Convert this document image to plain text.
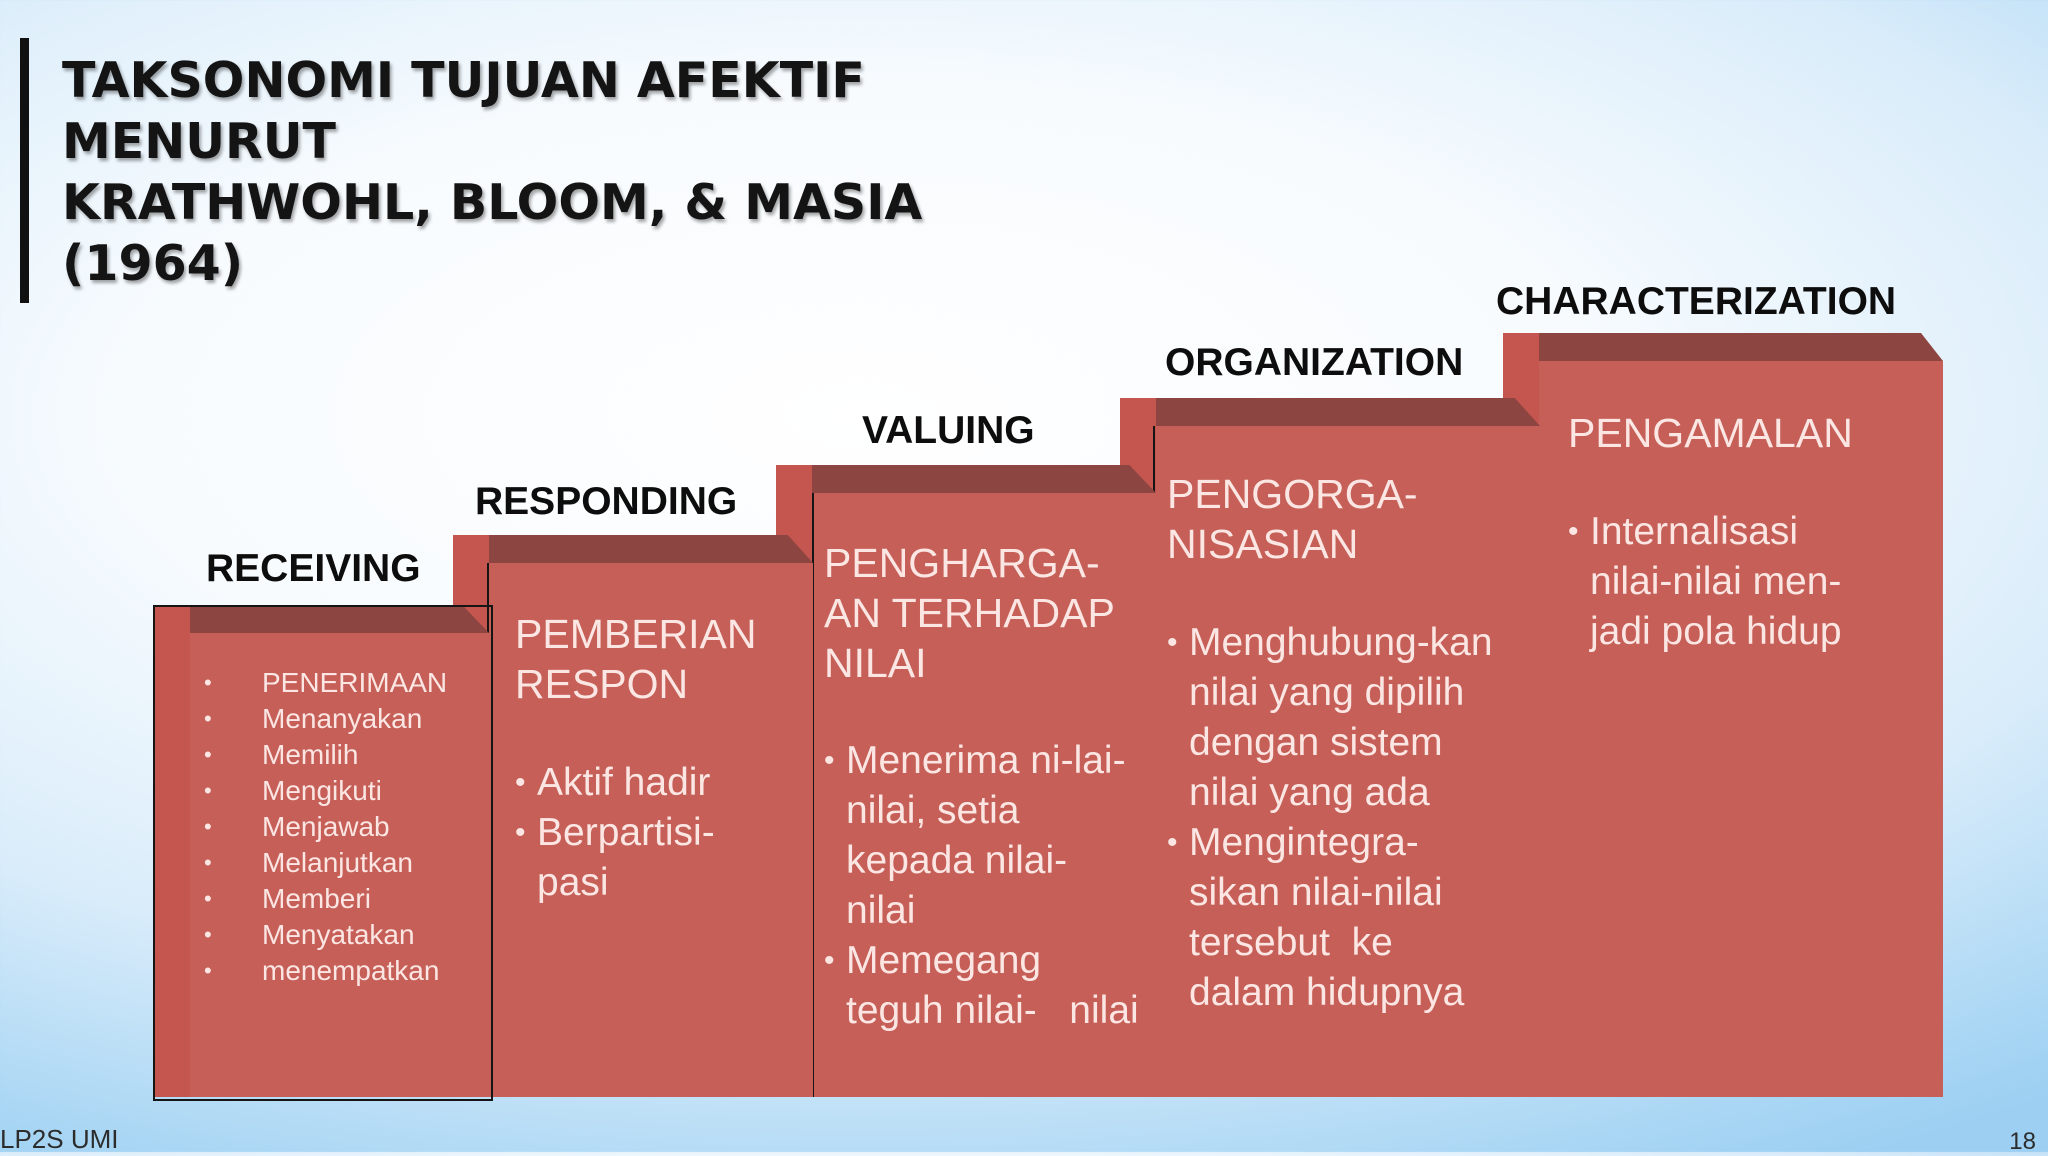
TAKSONOMI TUJUAN AFEKTIF
MENURUT
KRATHWOHL, BLOOM, & MASIA
(1964)

RECEIVING

RESPONDING

VALUING

ORGANIZATION

CHARACTERIZATION

• PENERIMAAN
• Menanyakan
• Memilih
• Mengikuti
• Menjawab
• Melanjutkan
• Memberi
• Menyatakan
• menempatkan
PEMBERIAN
RESPON
• Aktif hadir
• Berpartisi-
pasi
PENGHARGA-
AN TERHADAP
NILAI
• Menerima ni-lai-
nilai, setia
kepada nilai-
nilai
• Memegang
teguh nilai-   nilai
PENGORGA-
NISASIAN
• Menghubung-kan
nilai yang dipilih
dengan sistem
nilai yang ada
• Mengintegra-
sikan nilai-nilai
tersebut  ke
dalam hidupnya
PENGAMALAN
• Internalisasi
nilai-nilai men-
jadi pola hidup
LP2S UMI	18
